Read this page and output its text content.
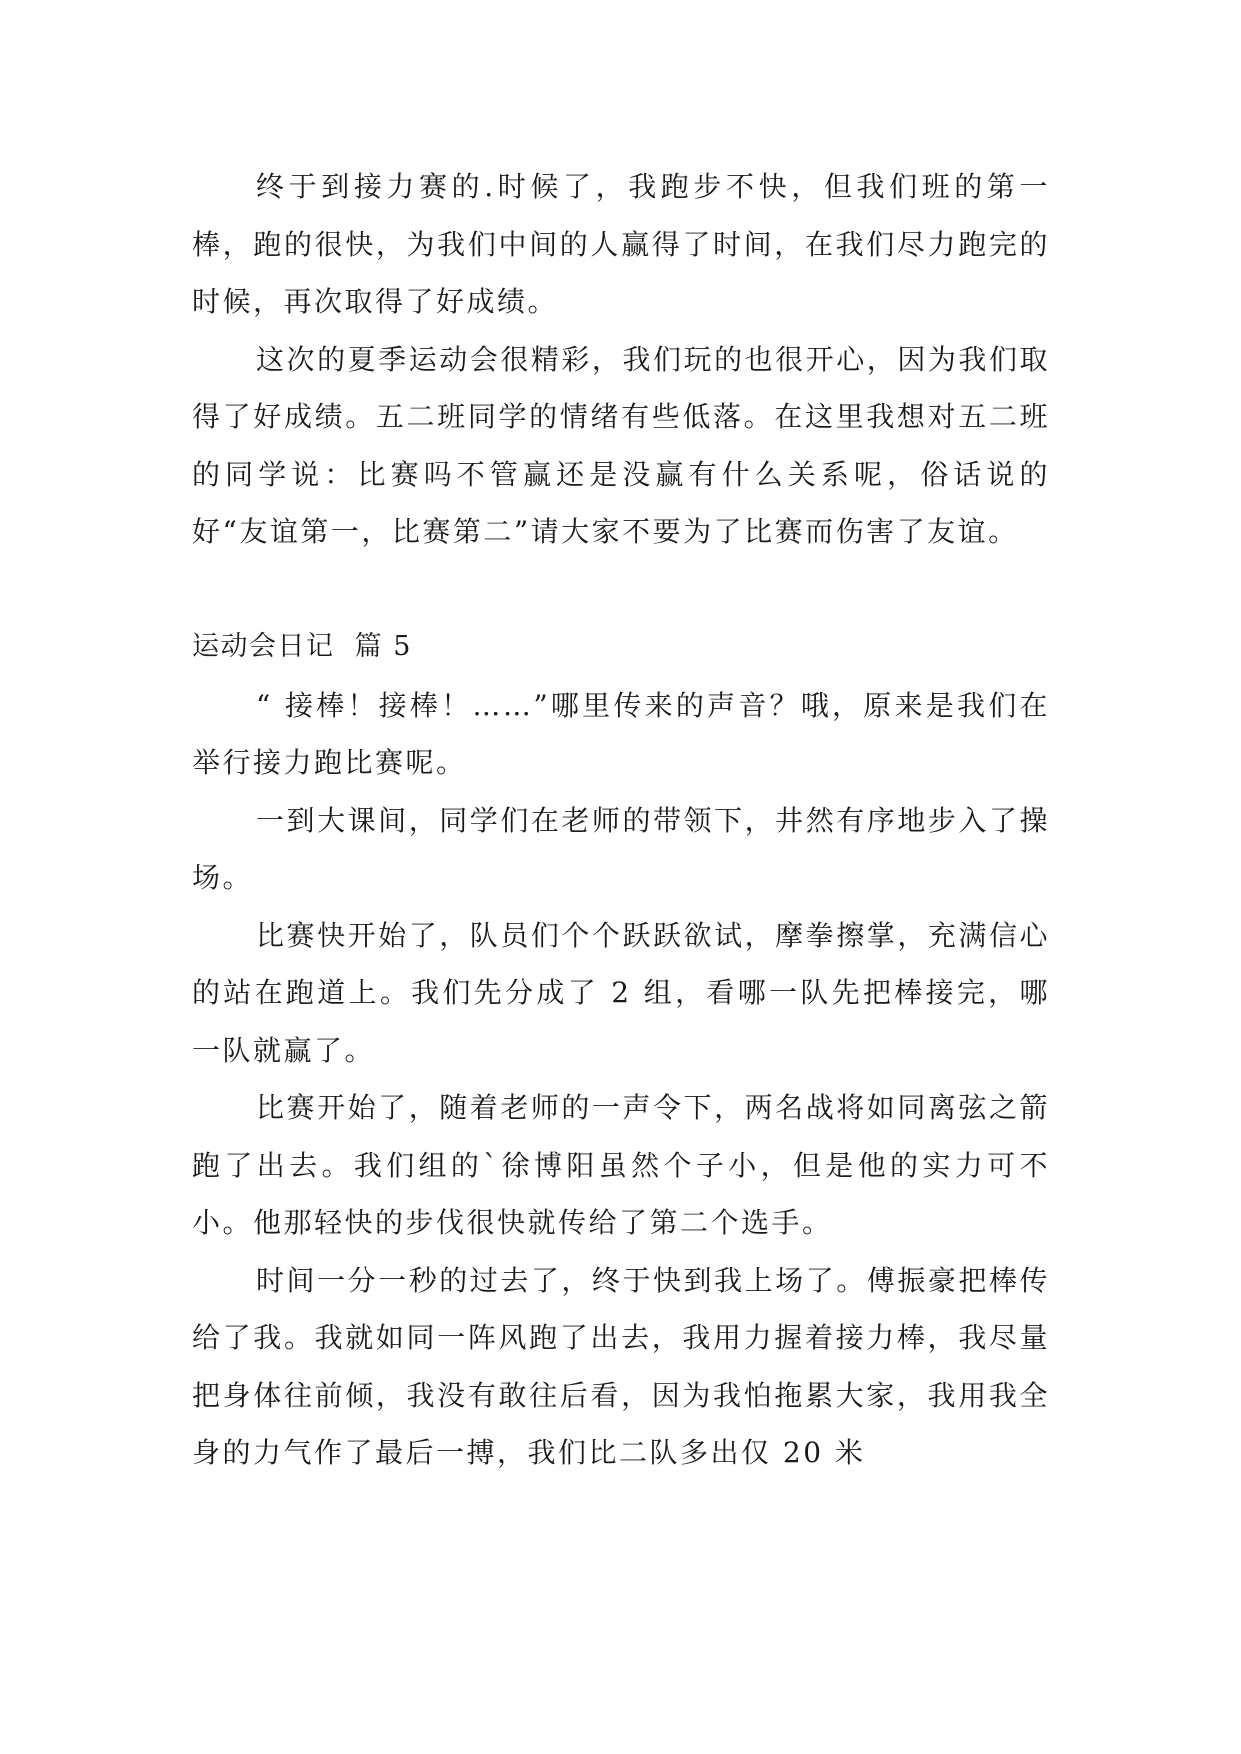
终于到接力赛的.时候了，我跑步不快，但我们班的第一棒，跑的很快，为我们中间的人赢得了时间，在我们尽力跑完的时候，再次取得了好成绩。

这次的夏季运动会很精彩，我们玩的也很开心，因为我们取得了好成绩。五二班同学的情绪有些低落。在这里我想对五二班的同学说：比赛吗不管赢还是没赢有什么关系呢，俗话说的好“友谊第一，比赛第二”请大家不要为了比赛而伤害了友谊。

运动会日记 篇 5

“ 接棒！接棒！……”哪里传来的声音？哦，原来是我们在举行接力跑比赛呢。

一到大课间，同学们在老师的带领下，井然有序地步入了操场。

比赛快开始了，队员们个个跃跃欲试，摩拳擦掌，充满信心的站在跑道上。我们先分成了 2 组，看哪一队先把棒接完，哪一队就赢了。

比赛开始了，随着老师的一声令下，两名战将如同离弦之箭跑了出去。我们组的`徐博阳虽然个子小，但是他的实力可不小。他那轻快的步伐很快就传给了第二个选手。

时间一分一秒的过去了，终于快到我上场了。傅振豪把棒传给了我。我就如同一阵风跑了出去，我用力握着接力棒，我尽量把身体往前倾，我没有敢往后看，因为我怕拖累大家，我用我全身的力气作了最后一搏，我们比二队多出仅 20 米
